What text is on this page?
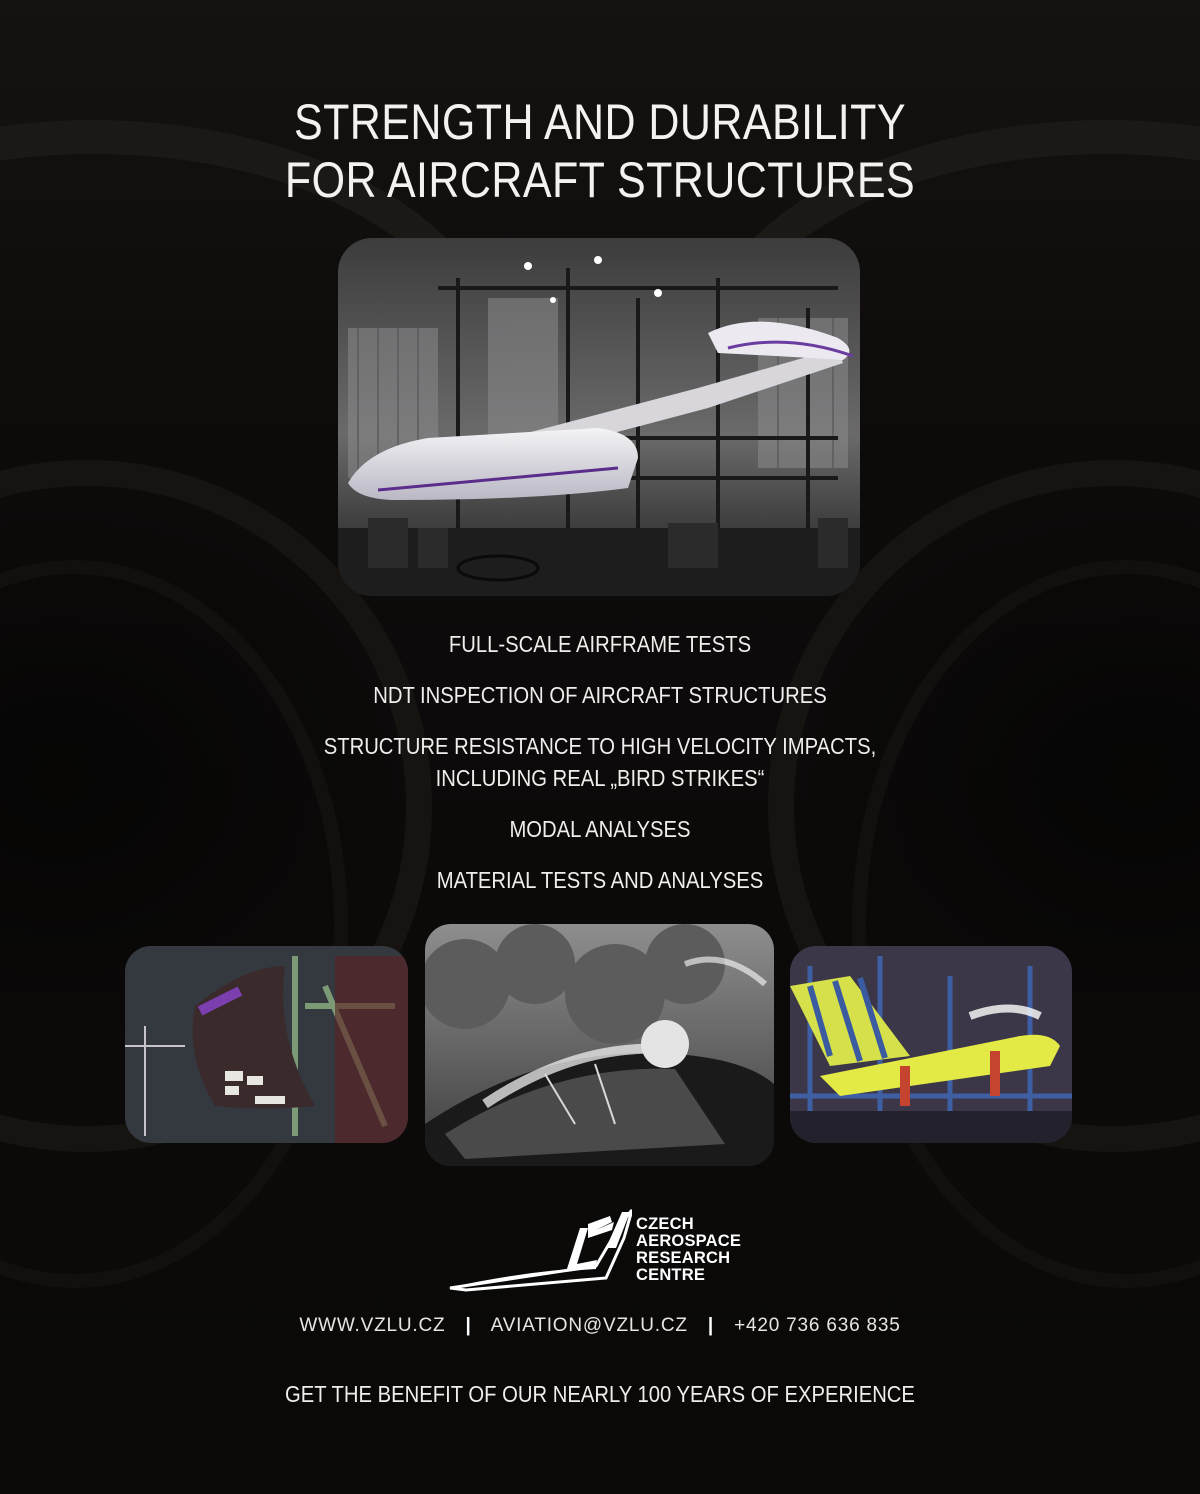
STRENGTH AND DURABILITY
FOR AIRCRAFT STRUCTURES
FULL-SCALE AIRFRAME TESTS
NDT INSPECTION OF AIRCRAFT STRUCTURES
STRUCTURE RESISTANCE TO HIGH VELOCITY IMPACTS,
INCLUDING REAL „BIRD STRIKES“
MODAL ANALYSES
MATERIAL TESTS AND ANALYSES
CZECH
AEROSPACE
RESEARCH
CENTRE
WWW.VZLU.CZ | AVIATION@VZLU.CZ | +420 736 636 835
GET THE BENEFIT OF OUR NEARLY 100 YEARS OF EXPERIENCE
